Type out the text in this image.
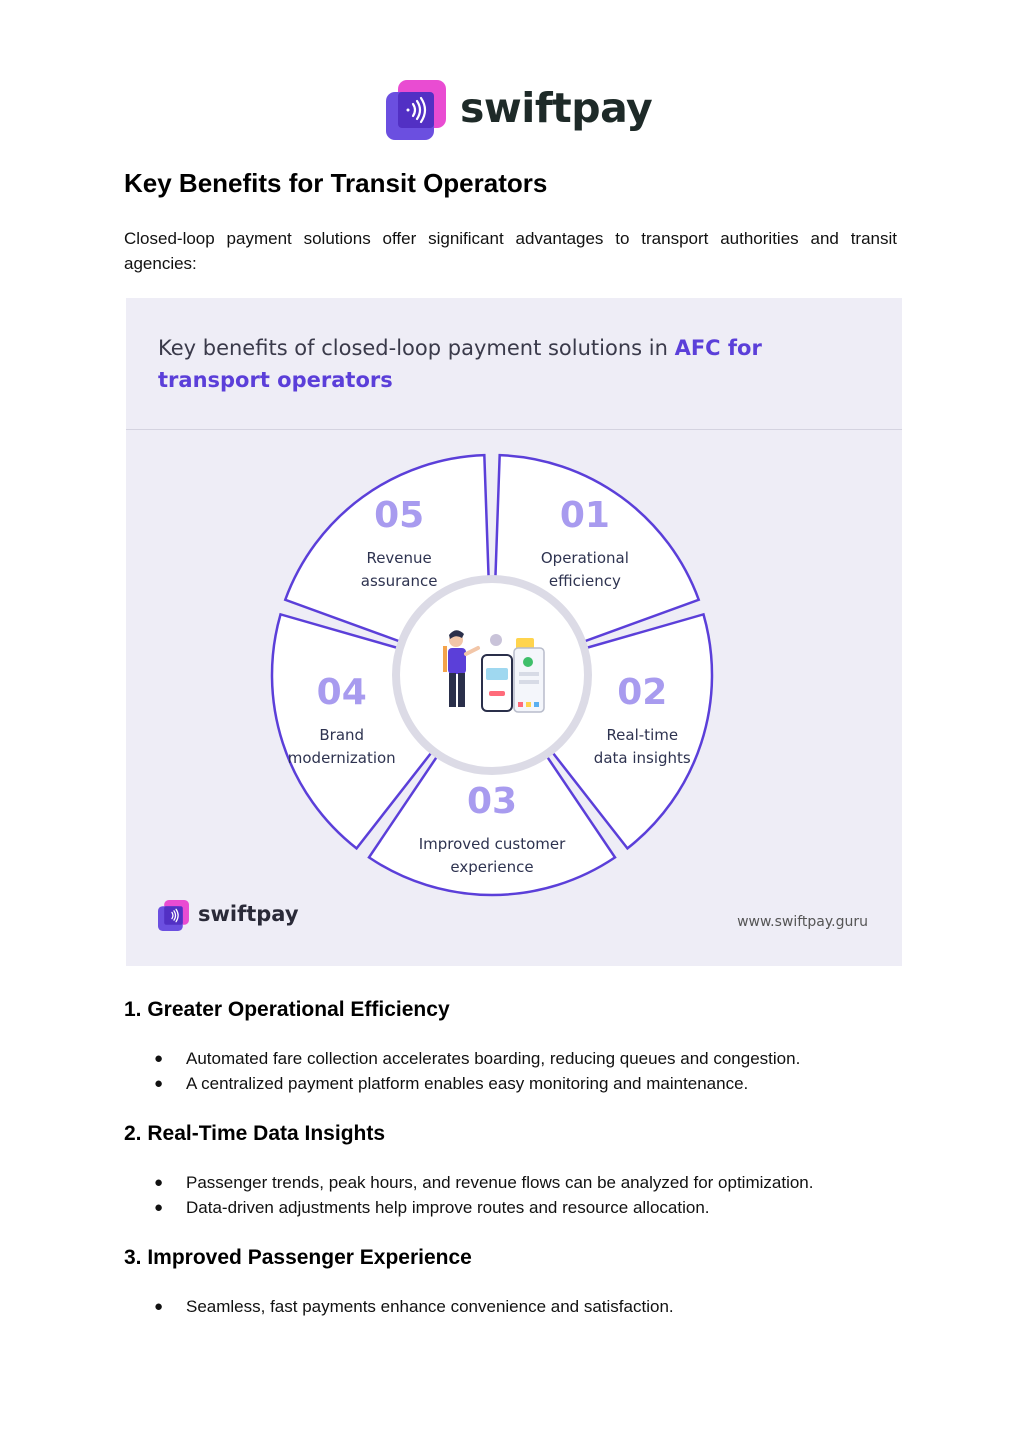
swiftpay
Key Benefits for Transit Operators

Closed-loop payment solutions offer significant advantages to transport authorities and transit agencies:

Key benefits of closed-loop payment solutions in AFC for transport operators
01
Operational
efficiency
02
Real-time
data insights
03
Improved customer
experience
04
Brand
modernization
05
Revenue
assurance
swiftpay	www.swiftpay.guru
1. Greater Operational Efficiency
● Automated fare collection accelerates boarding, reducing queues and congestion.
● A centralized payment platform enables easy monitoring and maintenance.
2. Real-Time Data Insights
● Passenger trends, peak hours, and revenue flows can be analyzed for optimization.
● Data-driven adjustments help improve routes and resource allocation.
3. Improved Passenger Experience
● Seamless, fast payments enhance convenience and satisfaction.
